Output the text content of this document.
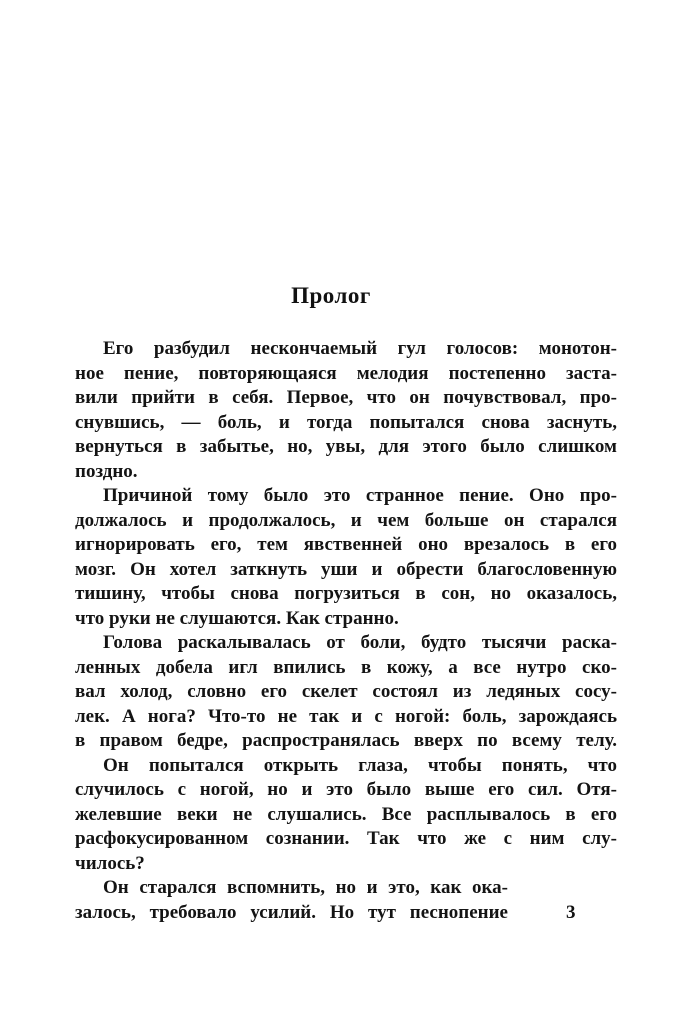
Пролог
Его разбудил нескончаемый гул голосов: монотон-
ное пение, повторяющаяся мелодия постепенно заста-
вили прийти в себя. Первое, что он почувствовал, про-
снувшись, — боль, и тогда попытался снова заснуть,
вернуться в забытье, но, увы, для этого было слишком
поздно.
Причиной тому было это странное пение. Оно про-
должалось и продолжалось, и чем больше он старался
игнорировать его, тем явственней оно врезалось в его
мозг. Он хотел заткнуть уши и обрести благословенную
тишину, чтобы снова погрузиться в сон, но оказалось,
что руки не слушаются. Как странно.
Голова раскалывалась от боли, будто тысячи раска-
ленных добела игл впились в кожу, а все нутро ско-
вал холод, словно его скелет состоял из ледяных сосу-
лек. А нога? Что-то не так и с ногой: боль, зарождаясь
в правом бедре, распространялась вверх по всему телу.
Он попытался открыть глаза, чтобы понять, что
случилось с ногой, но и это было выше его сил. Отя-
желевшие веки не слушались. Все расплывалось в его
расфокусированном сознании. Так что же с ним слу-
чилось?
Он старался вспомнить, но и это, как ока-
залось, требовало усилий. Но тут песнопение	3
